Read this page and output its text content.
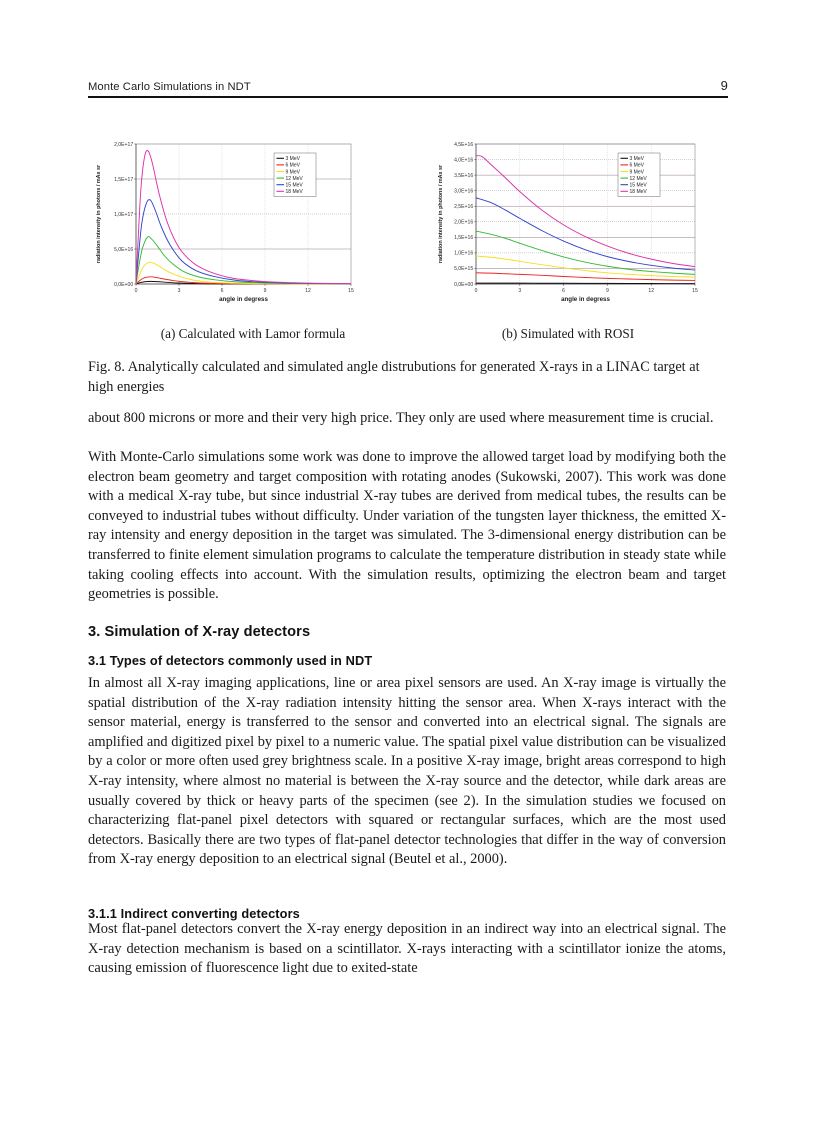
Monte Carlo Simulations in NDT	9
0,0E+00
5,0E+16
1,0E+17
1,5E+17
2,0E+17
0	3	6	9	12	15
angle in degress
radiation intensity in photons / mAs sr
3 MeV
6 MeV
9 MeV
12 MeV
15 MeV
18 MeV
0,0E+00
5,0E+15
1,0E+16
1,5E+16
2,0E+16
2,5E+16
3,0E+16
3,5E+16
4,0E+16
4,5E+16
0	3	6	9	12	15
angle in degress
radiation intensity in photons / mAs sr
3 MeV
6 MeV
9 MeV
12 MeV
15 MeV
18 MeV
(a) Calculated with Lamor formula	(b) Simulated with ROSI
Fig. 8. Analytically calculated and simulated angle distrubutions for generated X-rays in a LINAC target at high energies

about 800 microns or more and their very high price. They only are used where measurement time is crucial.

With Monte-Carlo simulations some work was done to improve the allowed target load by modifying both the electron beam geometry and target composition with rotating anodes (Sukowski, 2007). This work was done with a medical X-ray tube, but since industrial X-ray tubes are derived from medical tubes, the results can be conveyed to industrial tubes without difficulty. Under variation of the tungsten layer thickness, the emitted X-ray intensity and energy deposition in the target was simulated. The 3-dimensional energy distribution can be transferred to finite element simulation programs to calculate the temperature distribution in steady state while taking cooling effects into account. With the simulation results, optimizing the electron beam and target geometries is possible.

3. Simulation of X-ray detectors
3.1 Types of detectors commonly used in NDT

In almost all X-ray imaging applications, line or area pixel sensors are used. An X-ray image is virtually the spatial distribution of the X-ray radiation intensity hitting the sensor area. When X-rays interact with the sensor material, energy is transferred to the sensor and converted into an electrical signal. The signals are amplified and digitized pixel by pixel to a numeric value. The spatial pixel value distribution can be visualized by a color or more often used grey brightness scale. In a positive X-ray image, bright areas correspond to high X-ray intensity, where almost no material is between the X-ray source and the detector, while dark areas are usually covered by thick or heavy parts of the specimen (see 2). In the simulation studies we focused on characterizing flat-panel pixel detectors with squared or rectangular surfaces, which are the most used detectors. Basically there are two types of flat-panel detector technologies that differ in the way of conversion from X-ray energy deposition to an electrical signal (Beutel et al., 2000).

3.1.1 Indirect converting detectors

Most flat-panel detectors convert the X-ray energy deposition in an indirect way into an electrical signal. The X-ray detection mechanism is based on a scintillator. X-rays interacting with a scintillator ionize the atoms, causing emission of fluorescence light due to exited-state
